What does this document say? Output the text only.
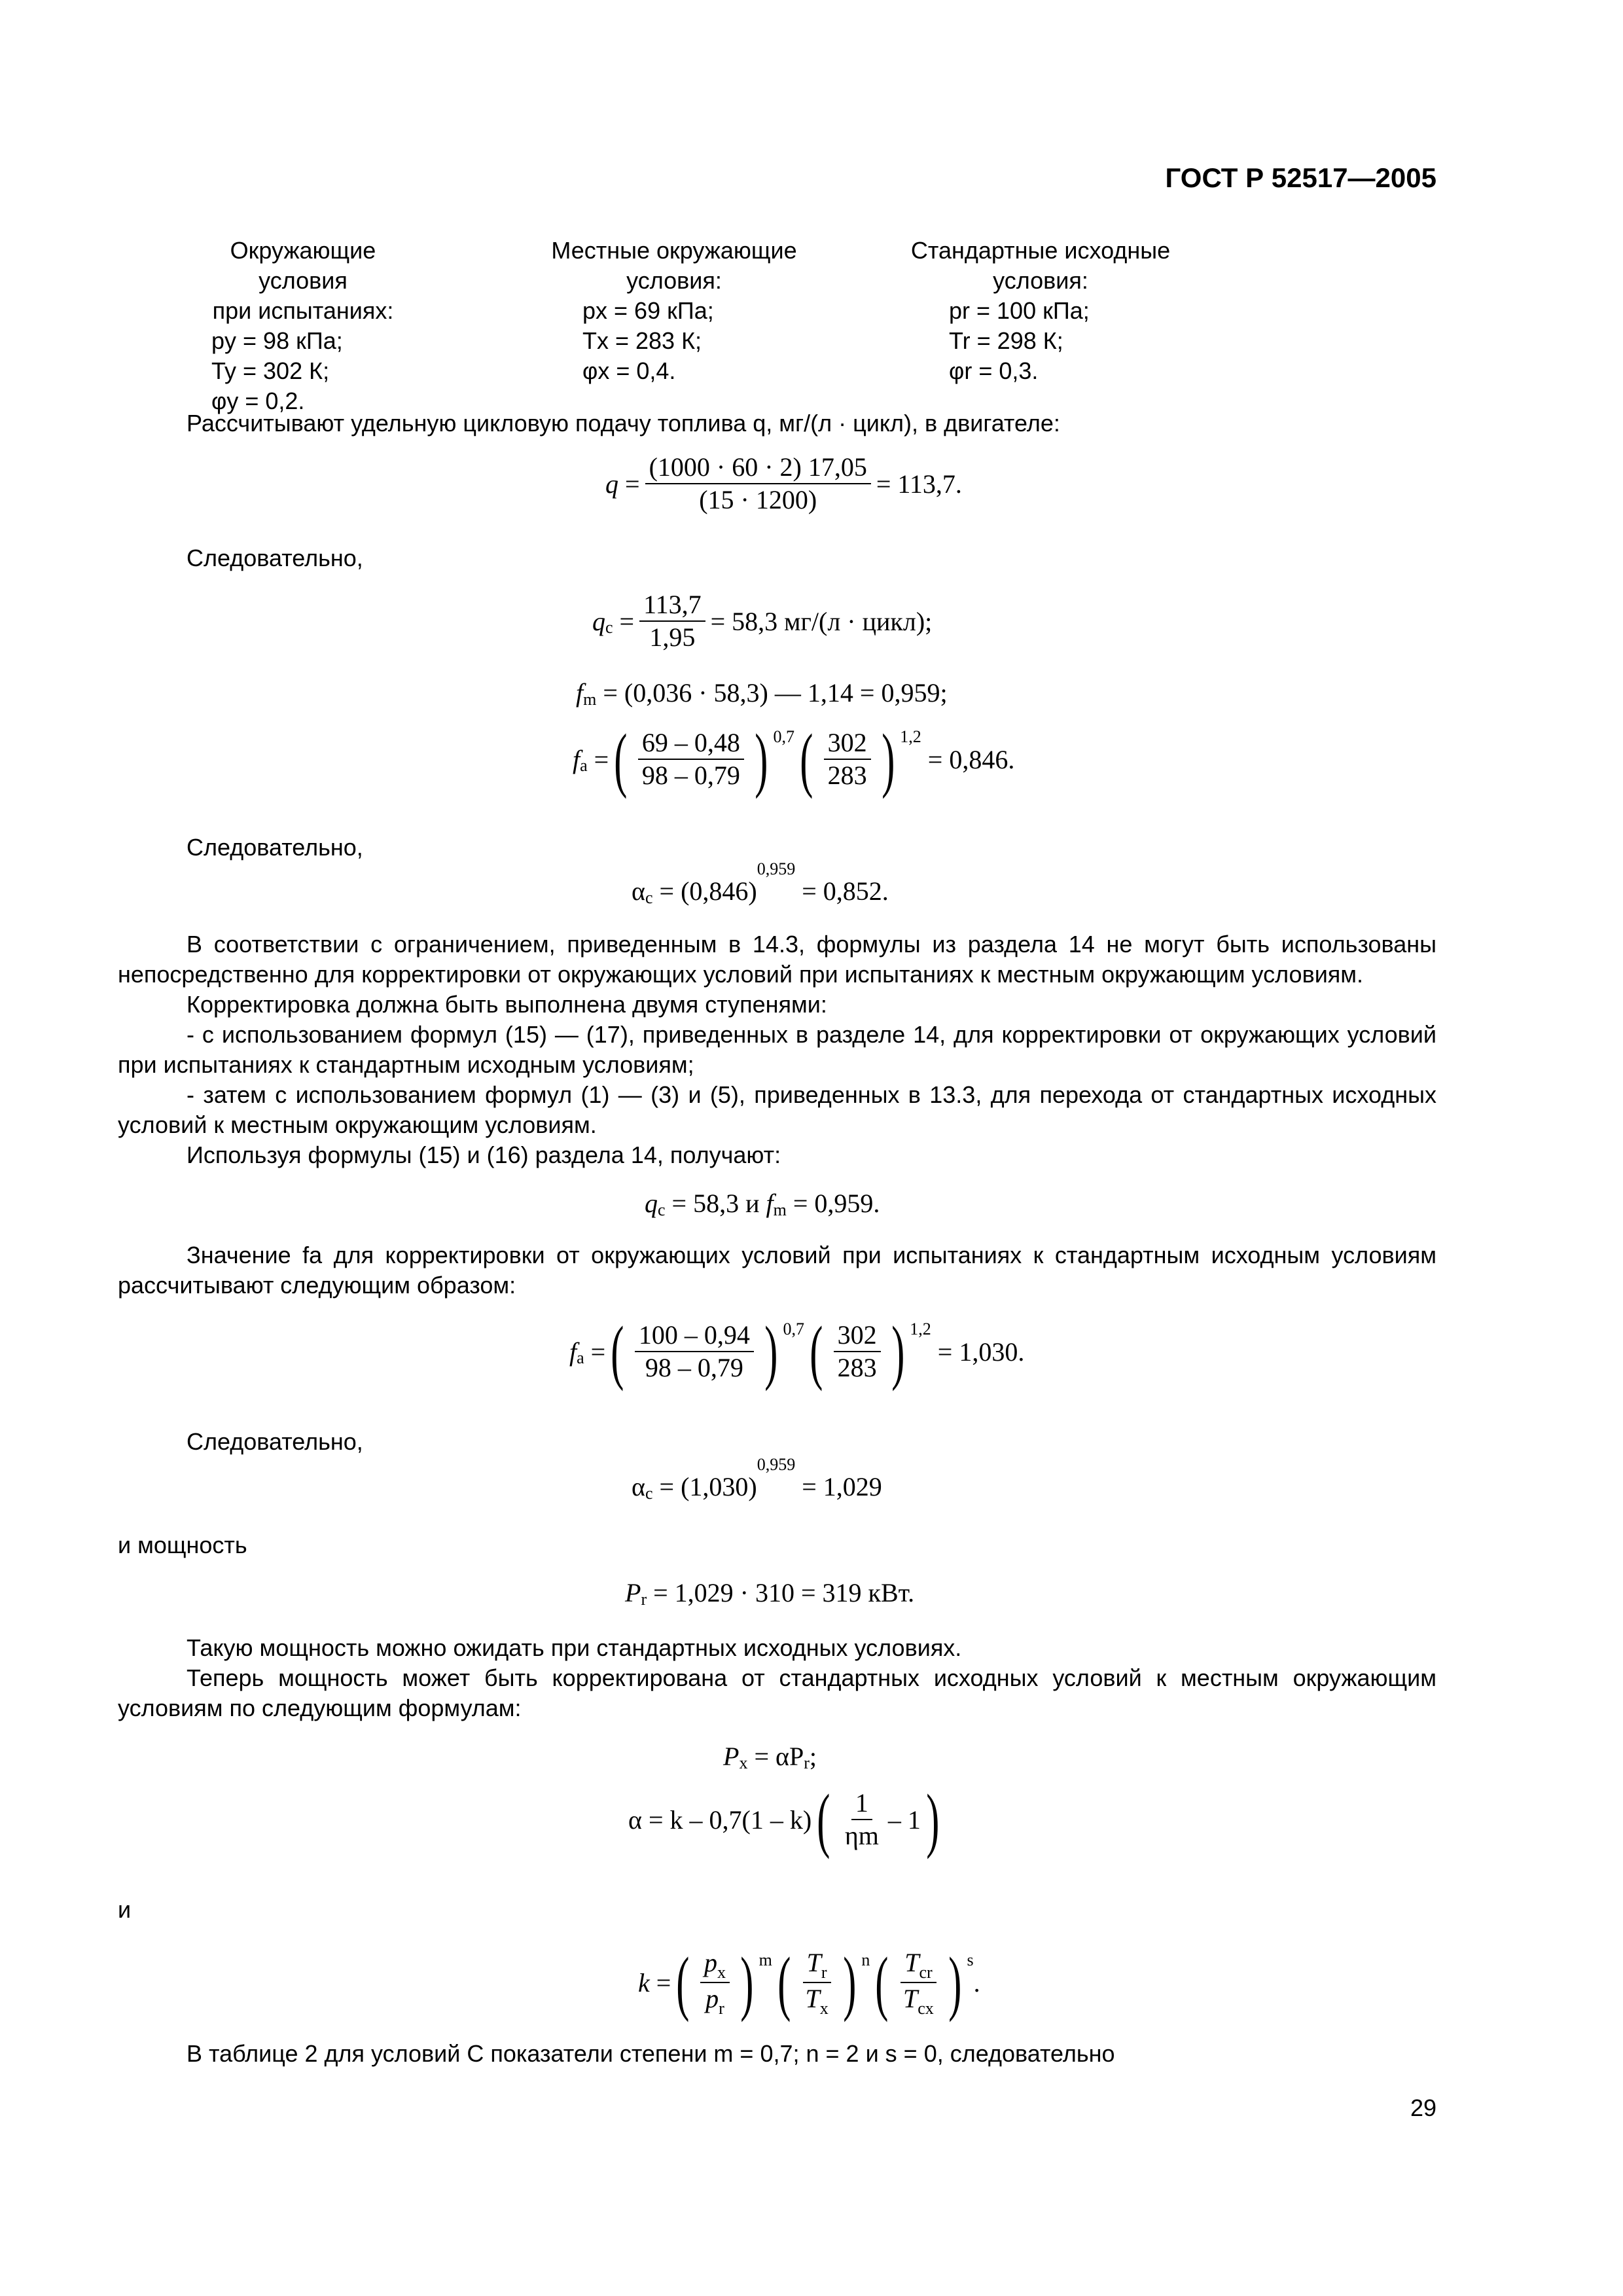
ГОСТ Р 52517—2005
Окружающие условия
при испытаниях:
py = 98 кПа;
Ty = 302 К;
φy = 0,2.
Местные окружающие
условия:
px = 69 кПа;
Tx = 283 К;
φx = 0,4.
Стандартные исходные
условия:
pr = 100 кПа;
Tr = 298 К;
φr = 0,3.
Рассчитывают удельную цикловую подачу топлива q, мг/(л · цикл), в двигателе:
$q = \frac{(1000 \cdot 60 \cdot 2) 17,05}{(15 \cdot 1200)} = 113,7$.
Следовательно,
$q_c = \frac{113,7}{1,95} = 58,3$ мг/(л · цикл);
$f_m$
= (0,036 · 58,3) — 1,14 = 0,959;
$f_a$ = ( $\frac{69 - 0,48}{98 - 0,79}$ ) $^{0,7}$ ( $\frac{302}{283}$ ) $^{1,2}$

= 0,846.
Следовательно,
$\alpha_c$
= (0,846)
$^{0,959}$

= 0,852.
В соответствии с ограничением, приведенным в 14.3, формулы из раздела 14 не могут быть использованы непосредственно для корректировки от окружающих условий при испытаниях к местным окружающим условиям.
Корректировка должна быть выполнена двумя ступенями:
- с использованием формул (15) — (17), приведенных в разделе 14, для корректировки от окружающих условий при испытаниях к стандартным исходным условиям;
- затем с использованием формул (1) — (3) и (5), приведенных в 13.3, для перехода от стандартных исходных условий к местным окружающим условиям.
Используя формулы (15) и (16) раздела 14, получают:
$q_c$
= 58,3 и
$f_m$
= 0,959.
Значение fa для корректировки от окружающих условий при испытаниях к стандартным исходным условиям рассчитывают следующим образом:
$f_a$ = ( $\frac{100 - 0,94}{98 - 0,79}$ ) $^{0,7}$ ( $\frac{302}{283}$ ) $^{1,2}$

= 1,030.
Следовательно,
$\alpha_c$
= (1,030)
$^{0,959}$

= 1,029
и мощность
$P_r$
= 1,029 · 310 = 319 кВт.
Такую мощность можно ожидать при стандартных исходных условиях.
Теперь мощность может быть корректирована от стандартных исходных условий к местным окружающим условиям по следующим формулам:
$P_x$
= $\alpha P_r$ ;
α = k – 0,7(1 – k) ( $\frac{1}{\eta m} - 1$ )
и
k
= ( $\frac{p_x}{p_r}$ ) $^m$ ( $\frac{T_r}{T_x}$ ) $^n$ ( $\frac{T_{cr}}{T_{cx}}$ ) $^s$
.
В таблице 2 для условий C показатели степени m = 0,7; n = 2 и s = 0, следовательно
29
